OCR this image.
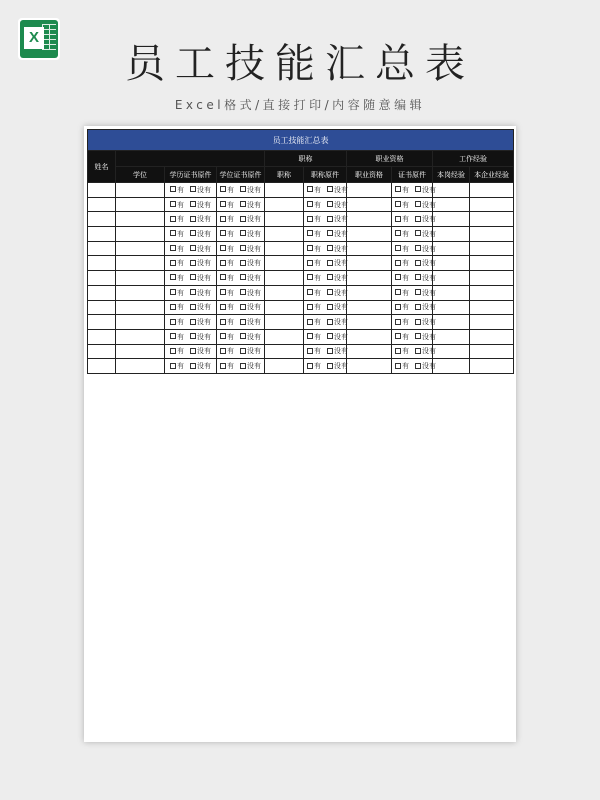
X
员工技能汇总表
Excel格式/直接打印/内容随意编辑
员工技能汇总表									
姓名				职称		职业资格		工作经验	
	学位	学历证书原件	学位证书原件	职称	职称原件	职业资格	证书原件	本岗经验	本企业经验
		有 没有	有 没有		有 没有		有 没有		
		有 没有	有 没有		有 没有		有 没有		
		有 没有	有 没有		有 没有		有 没有		
		有 没有	有 没有		有 没有		有 没有		
		有 没有	有 没有		有 没有		有 没有		
		有 没有	有 没有		有 没有		有 没有		
		有 没有	有 没有		有 没有		有 没有		
		有 没有	有 没有		有 没有		有 没有		
		有 没有	有 没有		有 没有		有 没有		
		有 没有	有 没有		有 没有		有 没有		
		有 没有	有 没有		有 没有		有 没有		
		有 没有	有 没有		有 没有		有 没有		
		有 没有	有 没有		有 没有		有 没有		
